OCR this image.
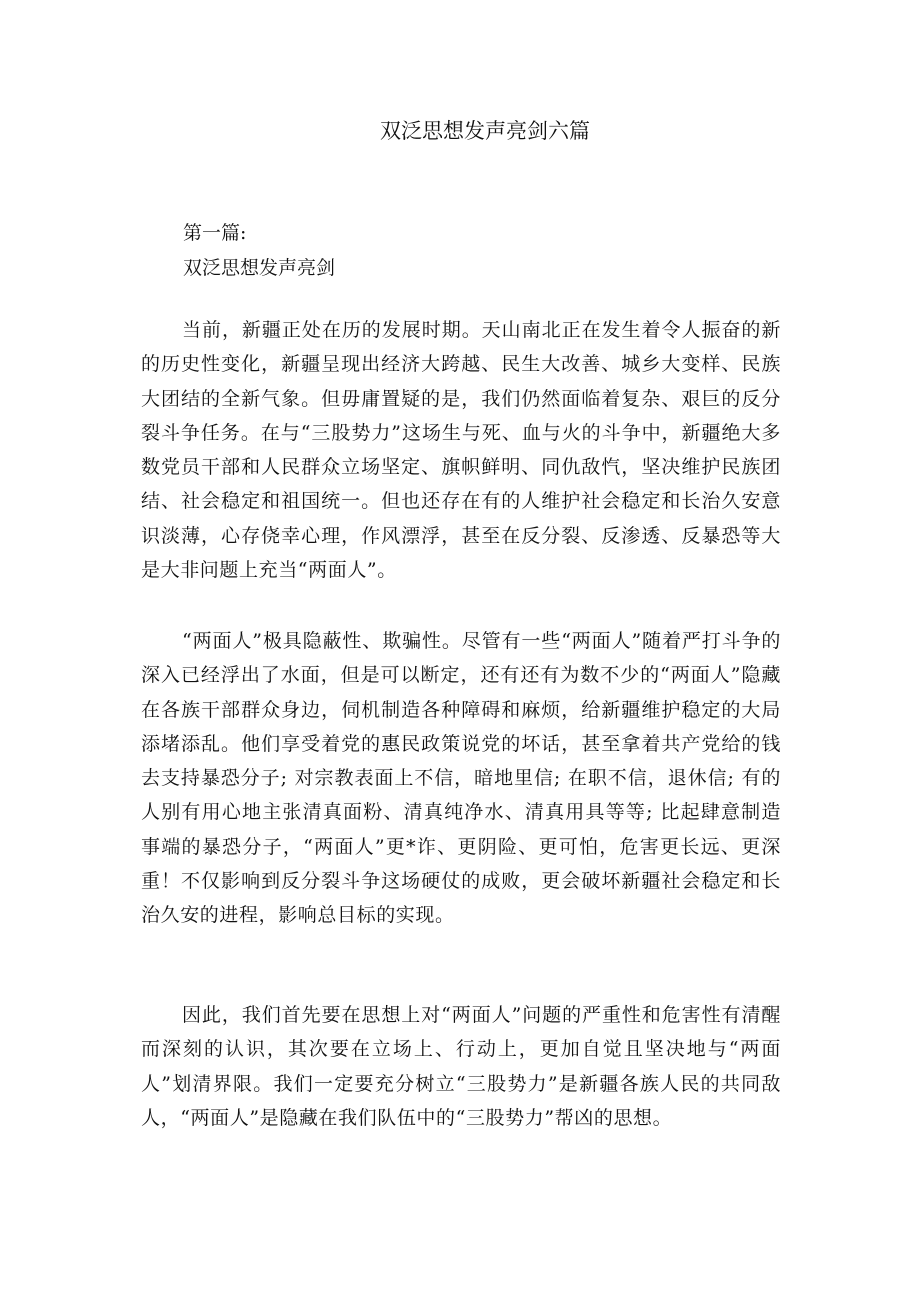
双泛思想发声亮剑六篇
第一篇:
双泛思想发声亮剑

当前，新疆正处在历的发展时期。天山南北正在发生着令人振奋的新的历史性变化，新疆呈现出经济大跨越、民生大改善、城乡大变样、民族大团结的全新气象。但毋庸置疑的是，我们仍然面临着复杂、艰巨的反分裂斗争任务。在与“三股势力”这场生与死、血与火的斗争中，新疆绝大多数党员干部和人民群众立场坚定、旗帜鲜明、同仇敌忾，坚决维护民族团结、社会稳定和祖国统一。但也还存在有的人维护社会稳定和长治久安意识淡薄，心存侥幸心理，作风漂浮，甚至在反分裂、反渗透、反暴恐等大是大非问题上充当“两面人”。

“两面人”极具隐蔽性、欺骗性。尽管有一些“两面人”随着严打斗争的深入已经浮出了水面，但是可以断定，还有还有为数不少的“两面人”隐藏在各族干部群众身边，伺机制造各种障碍和麻烦，给新疆维护稳定的大局添堵添乱。他们享受着党的惠民政策说党的坏话，甚至拿着共产党给的钱去支持暴恐分子; 对宗教表面上不信，暗地里信; 在职不信，退休信; 有的人别有用心地主张清真面粉、清真纯净水、清真用具等等; 比起肆意制造事端的暴恐分子，“两面人”更*诈、更阴险、更可怕，危害更长远、更深重！不仅影响到反分裂斗争这场硬仗的成败，更会破坏新疆社会稳定和长治久安的进程，影响总目标的实现。

因此，我们首先要在思想上对“两面人”问题的严重性和危害性有清醒而深刻的认识，其次要在立场上、行动上，更加自觉且坚决地与“两面人”划清界限。我们一定要充分树立“三股势力”是新疆各族人民的共同敌人，“两面人”是隐藏在我们队伍中的“三股势力”帮凶的思想。
